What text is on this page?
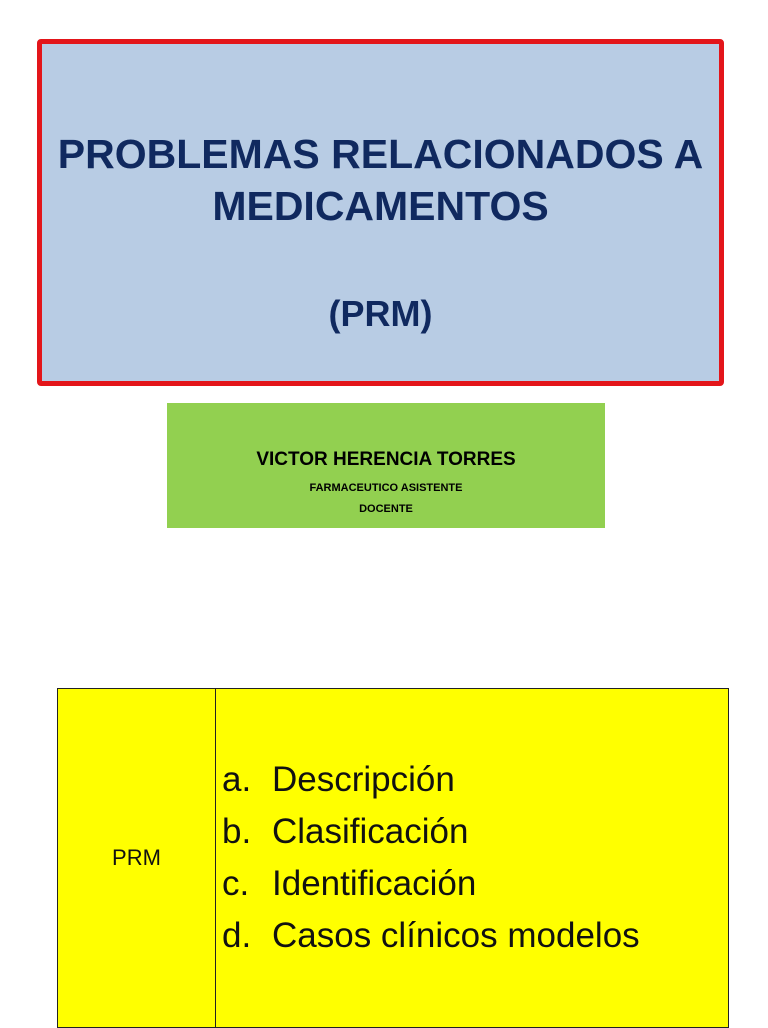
PROBLEMAS RELACIONADOS A
MEDICAMENTOS
(PRM)
VICTOR HERENCIA TORRES
FARMACEUTICO ASISTENTE
DOCENTE
PRM	
a. Descripción
b. Clasificación
c. Identificación
d. Casos clínicos modelos
